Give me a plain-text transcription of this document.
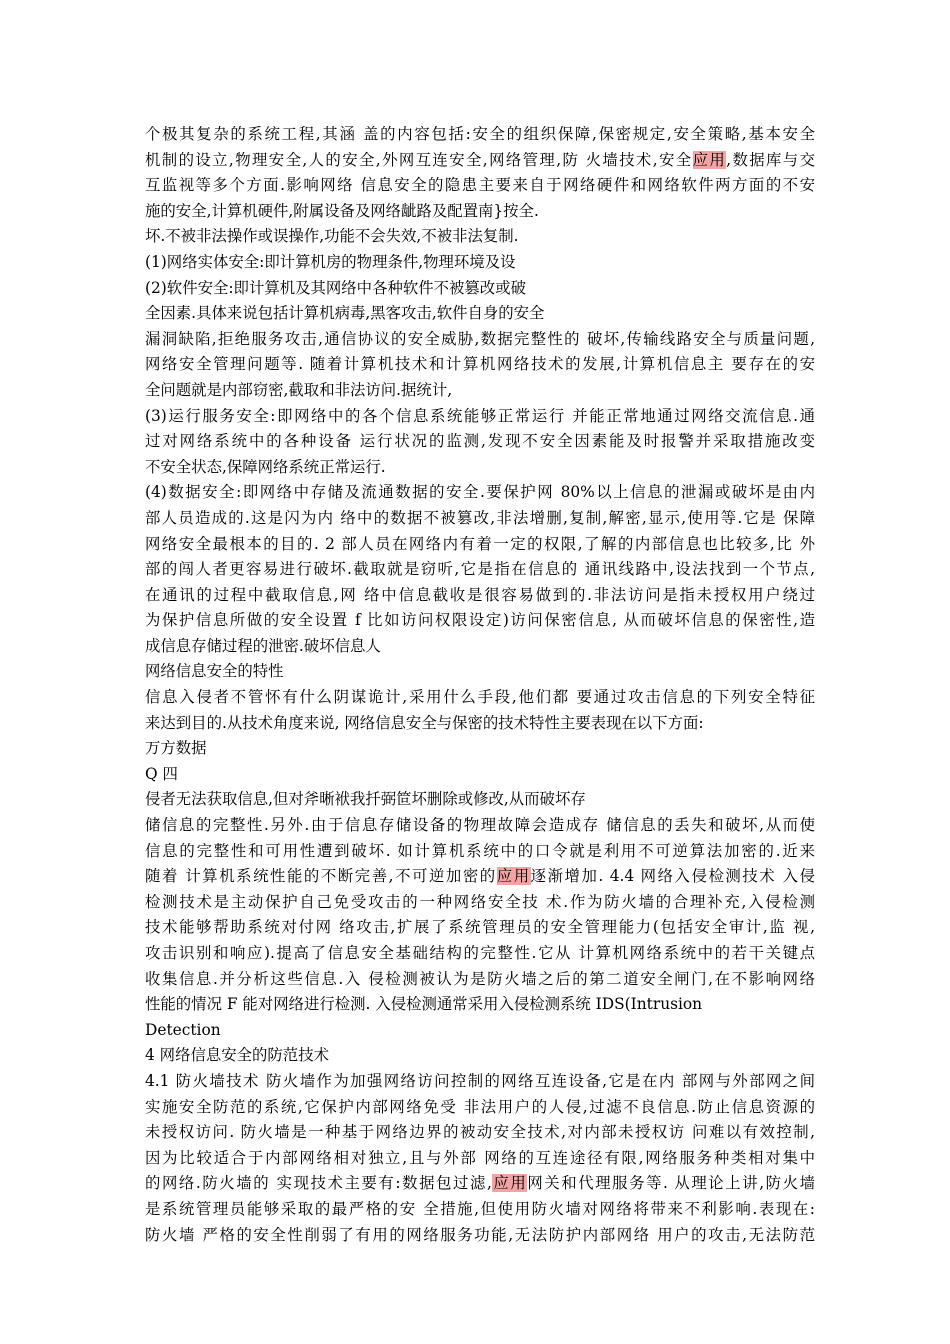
个极其复杂的系统工程,其涵 盖的内容包括:安全的组织保障,保密规定,安全策略,基本安全
机制的设立,物理安全,人的安全,外网互连安全,网络管理,防 火墙技术,安全应用,数据库与交
互监视等多个方面.影响网络 信息安全的隐患主要来自于网络硬件和网络软件两方面的不安
施的安全,计算机硬件,附属设备及网络龇路及配置南}按全.
坏.不被非法操作或误操作,功能不会失效,不被非法复制.
(1)网络实体安全:即计算机房的物理条件,物理环境及设
(2)软件安全:即计算机及其网络中各种软件不被篡改或破
全因素.具体来说包括计算机病毒,黑客攻击,软件自身的安全
漏洞缺陷,拒绝服务攻击,通信协议的安全威胁,数据完整性的 破坏,传输线路安全与质量问题,
网络安全管理问题等. 随着计算机技术和计算机网络技术的发展,计算机信息主 要存在的安
全问题就是内部窃密,截取和非法访问.据统计,
(3)运行服务安全:即网络中的各个信息系统能够正常运行 并能正常地通过网络交流信息.通
过对网络系统中的各种设备 运行状况的监测,发现不安全因素能及时报警并采取措施改变
不安全状态,保障网络系统正常运行.
(4)数据安全:即网络中存储及流通数据的安全.要保护网 80%以上信息的泄漏或破坏是由内
部人员造成的.这是闪为内 络中的数据不被篡改,非法增删,复制,解密,显示,使用等.它是 保障
网络安全最根本的目的. 2 部人员在网络内有着一定的权限,了解的内部信息也比较多,比 外
部的闯人者更容易进行破坏.截取就是窃听,它是指在信息的 通讯线路中,设法找到一个节点,
在通讯的过程中截取信息,网 络中信息截收是很容易做到的.非法访问是指未授权用户绕过
为保护信息所做的安全设置 f 比如访问权限设定)访问保密信息, 从而破坏信息的保密性,造
成信息存储过程的泄密.破坏信息人
网络信息安全的特性
信息入侵者不管怀有什么阴谋诡计,采用什么手段,他们都 要通过攻击信息的下列安全特征
来达到目的.从技术角度来说, 网络信息安全与保密的技术特性主要表现在以下方面:
万方数据
Q 四
侵者无法获取信息,但对斧晰袱我扦弼笸坏删除或修改,从而破坏存
储信息的完整性.另外.由于信息存储设备的物理故障会造成存 储信息的丢失和破坏,从而使
信息的完整性和可用性遭到破坏. 如计算机系统中的口令就是利用不可逆算法加密的.近来
随着 计算机系统性能的不断完善,不可逆加密的应用逐渐增加. 4.4 网络入侵检测技术 入侵
检测技术是主动保护自己免受攻击的一种网络安全技 术.作为防火墙的合理补充,入侵检测
技术能够帮助系统对付网 络攻击,扩展了系统管理员的安全管理能力(包括安全审计,监 视,
攻击识别和响应).提高了信息安全基础结构的完整性.它从 计算机网络系统中的若干关键点
收集信息.并分析这些信息.入 侵检测被认为是防火墙之后的第二道安全闸门,在不影响网络
性能的情况 F 能对网络进行检测. 入侵检测通常采用入侵检测系统 IDS(Intrusion
Detection
4 网络信息安全的防范技术
4.1 防火墙技术 防火墙作为加强网络访问控制的网络互连设备,它是在内 部网与外部网之间
实施安全防范的系统,它保护内部网络免受 非法用户的人侵,过滤不良信息.防止信息资源的
未授权访问. 防火墙是一种基于网络边界的被动安全技术,对内部未授权访 问难以有效控制,
因为比较适合于内部网络相对独立,且与外部 网络的互连途径有限,网络服务种类相对集中
的网络.防火墙的 实现技术主要有:数据包过滤,应用网关和代理服务等. 从理论上讲,防火墙
是系统管理员能够采取的最严格的安 全措施,但使用防火墙对网络将带来不利影响.表现在:
防火墙 严格的安全性削弱了有用的网络服务功能,无法防护内部网络 用户的攻击,无法防范
